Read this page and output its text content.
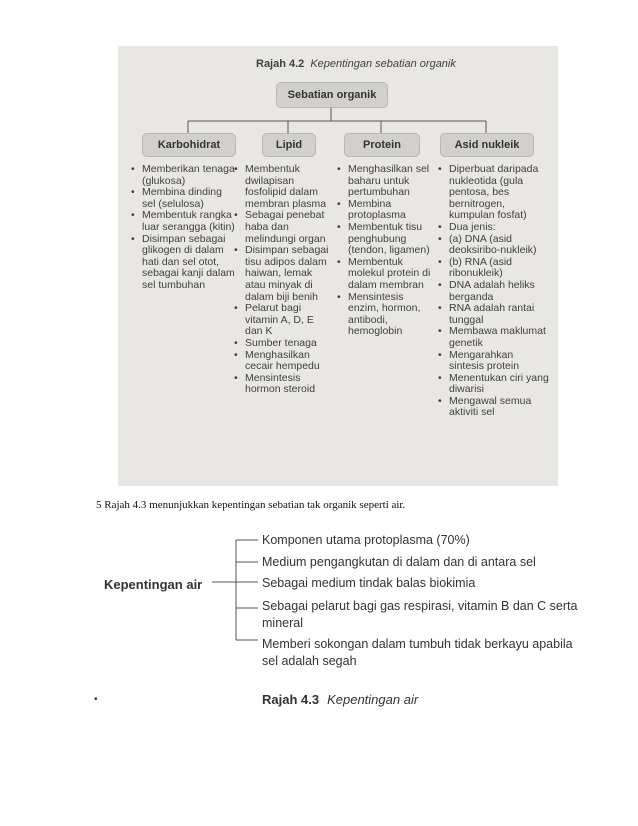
Rajah 4.2 Kepentingan sebatian organik
Sebatian organik
Karbohidrat	Lipid	Protein	Asid nukleik
• Memberikan tenaga (glukosa)
• Membina dinding sel (selulosa)
• Membentuk rangka luar serangga (kitin)
• Disimpan sebagai glikogen di dalam hati dan sel otot, sebagai kanji dalam sel tumbuhan
• Membentuk dwilapisan fosfolipid dalam membran plasma
• Sebagai penebat haba dan melindungi organ
• Disimpan sebagai tisu adipos dalam haiwan, lemak atau minyak di dalam biji benih
• Pelarut bagi vitamin A, D, E dan K
• Sumber tenaga
• Menghasilkan cecair hempedu
• Mensintesis hormon steroid
• Menghasilkan sel baharu untuk pertumbuhan
• Membina protoplasma
• Membentuk tisu penghubung (tendon, ligamen)
• Membentuk molekul protein di dalam membran
• Mensintesis enzim, hormon, antibodi, hemoglobin
• Diperbuat daripada nukleotida (gula pentosa, bes bernitrogen, kumpulan fosfat)
• Dua jenis:
• (a) DNA (asid deoksiribo-nukleik)
• (b) RNA (asid ribonukleik)
• DNA adalah heliks berganda
• RNA adalah rantai tunggal
• Membawa maklumat genetik
• Mengarahkan sintesis protein
• Menentukan ciri yang diwarisi
• Mengawal semua aktiviti sel
5 Rajah 4.3 menunjukkan kepentingan sebatian tak organik seperti air.
Kepentingan air
Komponen utama protoplasma (70%)
Medium pengangkutan di dalam dan di antara sel
Sebagai medium tindak balas biokimia
Sebagai pelarut bagi gas respirasi, vitamin B dan C serta mineral
Memberi sokongan dalam tumbuh tidak berkayu apabila sel adalah segah
•	Rajah 4.3 Kepentingan air
